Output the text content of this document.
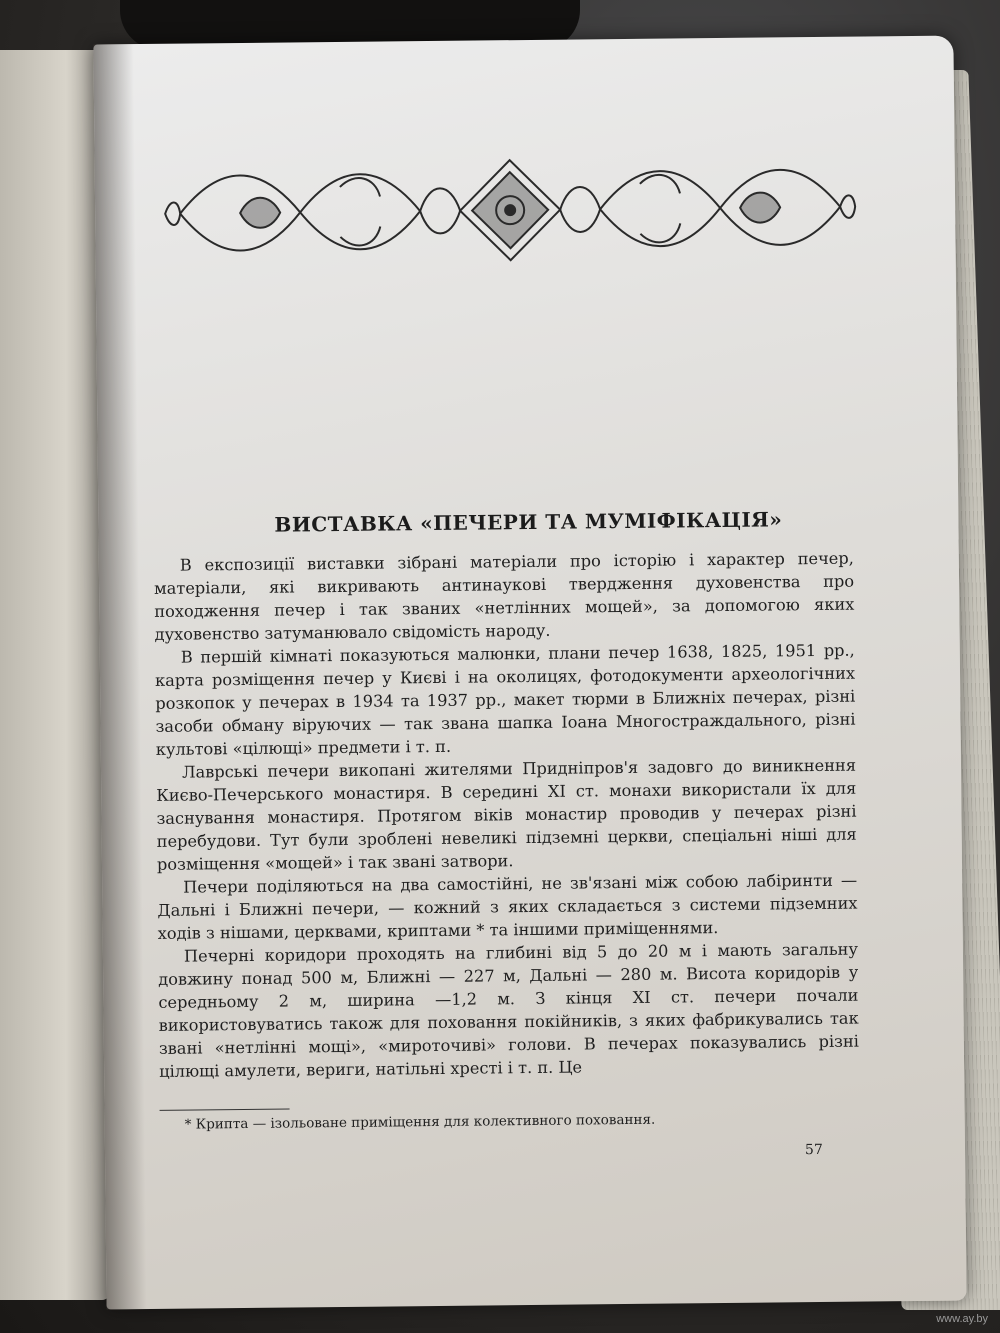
ВИСТАВКА «ПЕЧЕРИ ТА МУМІФІКАЦІЯ»

В експозиції виставки зібрані матеріали про історію і характер печер, матеріали, які викривають антинаукові твердження духовенства про походження печер і так званих «нетлінних мощей», за допомогою яких духовенство затуманювало свідомість народу.

В першій кімнаті показуються малюнки, плани печер 1638, 1825, 1951 рр., карта розміщення печер у Києві і на околицях, фотодокументи археологічних розкопок у печерах в 1934 та 1937 рр., макет тюрми в Ближніх печерах, різні засоби обману віруючих — так звана шапка Іоана Многостраждального, різні культові «цілющі» предмети і т. п.

Лаврські печери викопані жителями Придніпров'я задовго до виникнення Києво-Печерського монастиря. В середині XI ст. монахи використали їх для заснування монастиря. Протягом віків монастир проводив у печерах різні перебудови. Тут були зроблені невеликі підземні церкви, спеціальні ніші для розміщення «мощей» і так звані затвори.

Печери поділяються на два самостійні, не зв'язані між собою лабіринти — Дальні і Ближні печери, — кожний з яких складається з системи підземних ходів з нішами, церквами, криптами * та іншими приміщеннями.

Печерні коридори проходять на глибині від 5 до 20 м і мають загальну довжину понад 500 м, Ближні — 227 м, Дальні — 280 м. Висота коридорів у середньому 2 м, ширина —1,2 м. З кінця XI ст. печери почали використовуватись також для поховання покійників, з яких фабрикувались так звані «нетлінні мощі», «мироточиві» голови. В печерах показувались різні цілющі амулети, вериги, натільні хресті і т. п. Це

* Крипта — ізольоване приміщення для колективного поховання.
57
www.ay.by
